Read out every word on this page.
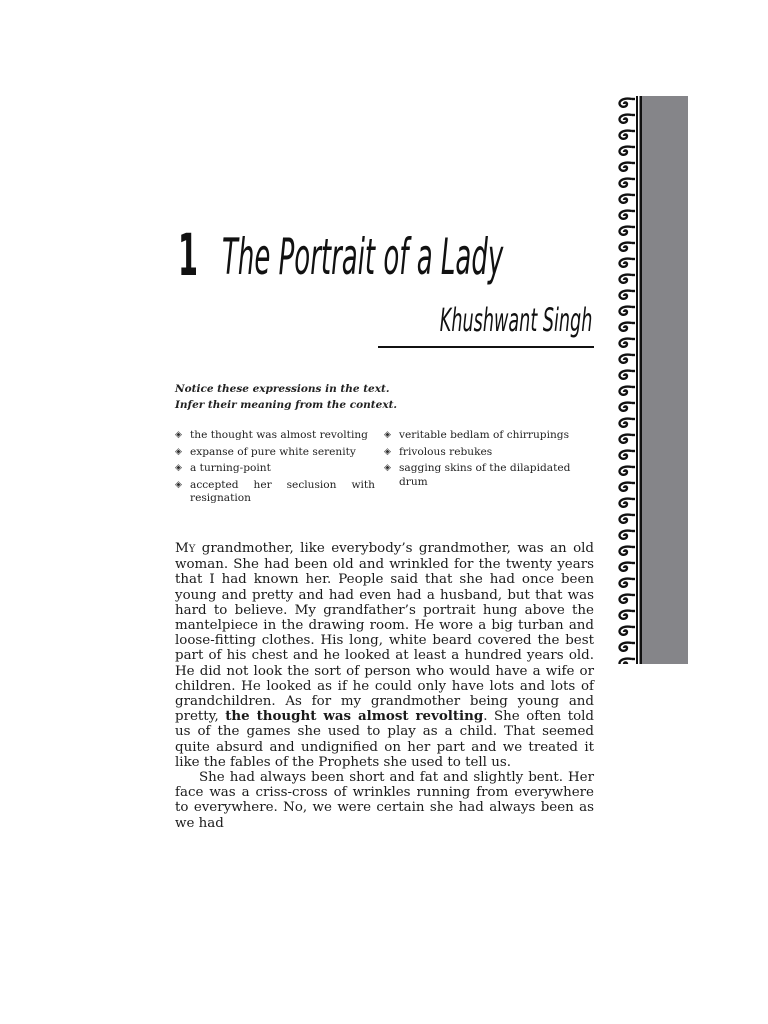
1 The Portrait of a Lady
Khushwant Singh
Notice these expressions in the text.
Infer their meaning from the context.
◈ the thought was almost revolting
◈ expanse of pure white serenity
◈ a turning-point
◈ accepted her seclusion with resignation
◈ veritable bedlam of chirrupings
◈ frivolous rebukes
◈ sagging skins of the dilapidated drum

MY grandmother, like everybody’s grandmother, was an old woman. She had been old and wrinkled for the twenty years that I had known her. People said that she had once been young and pretty and had even had a husband, but that was hard to believe. My grandfather’s portrait hung above the mantelpiece in the drawing room. He wore a big turban and loose-fitting clothes. His long, white beard covered the best part of his chest and he looked at least a hundred years old. He did not look the sort of person who would have a wife or children. He looked as if he could only have lots and lots of grandchildren. As for my grandmother being young and pretty, the thought was almost revolting. She often told us of the games she used to play as a child. That seemed quite absurd and undignified on her part and we treated it like the fables of the Prophets she used to tell us.

She had always been short and fat and slightly bent. Her face was a criss-cross of wrinkles running from everywhere to everywhere. No, we were certain she had always been as we had
